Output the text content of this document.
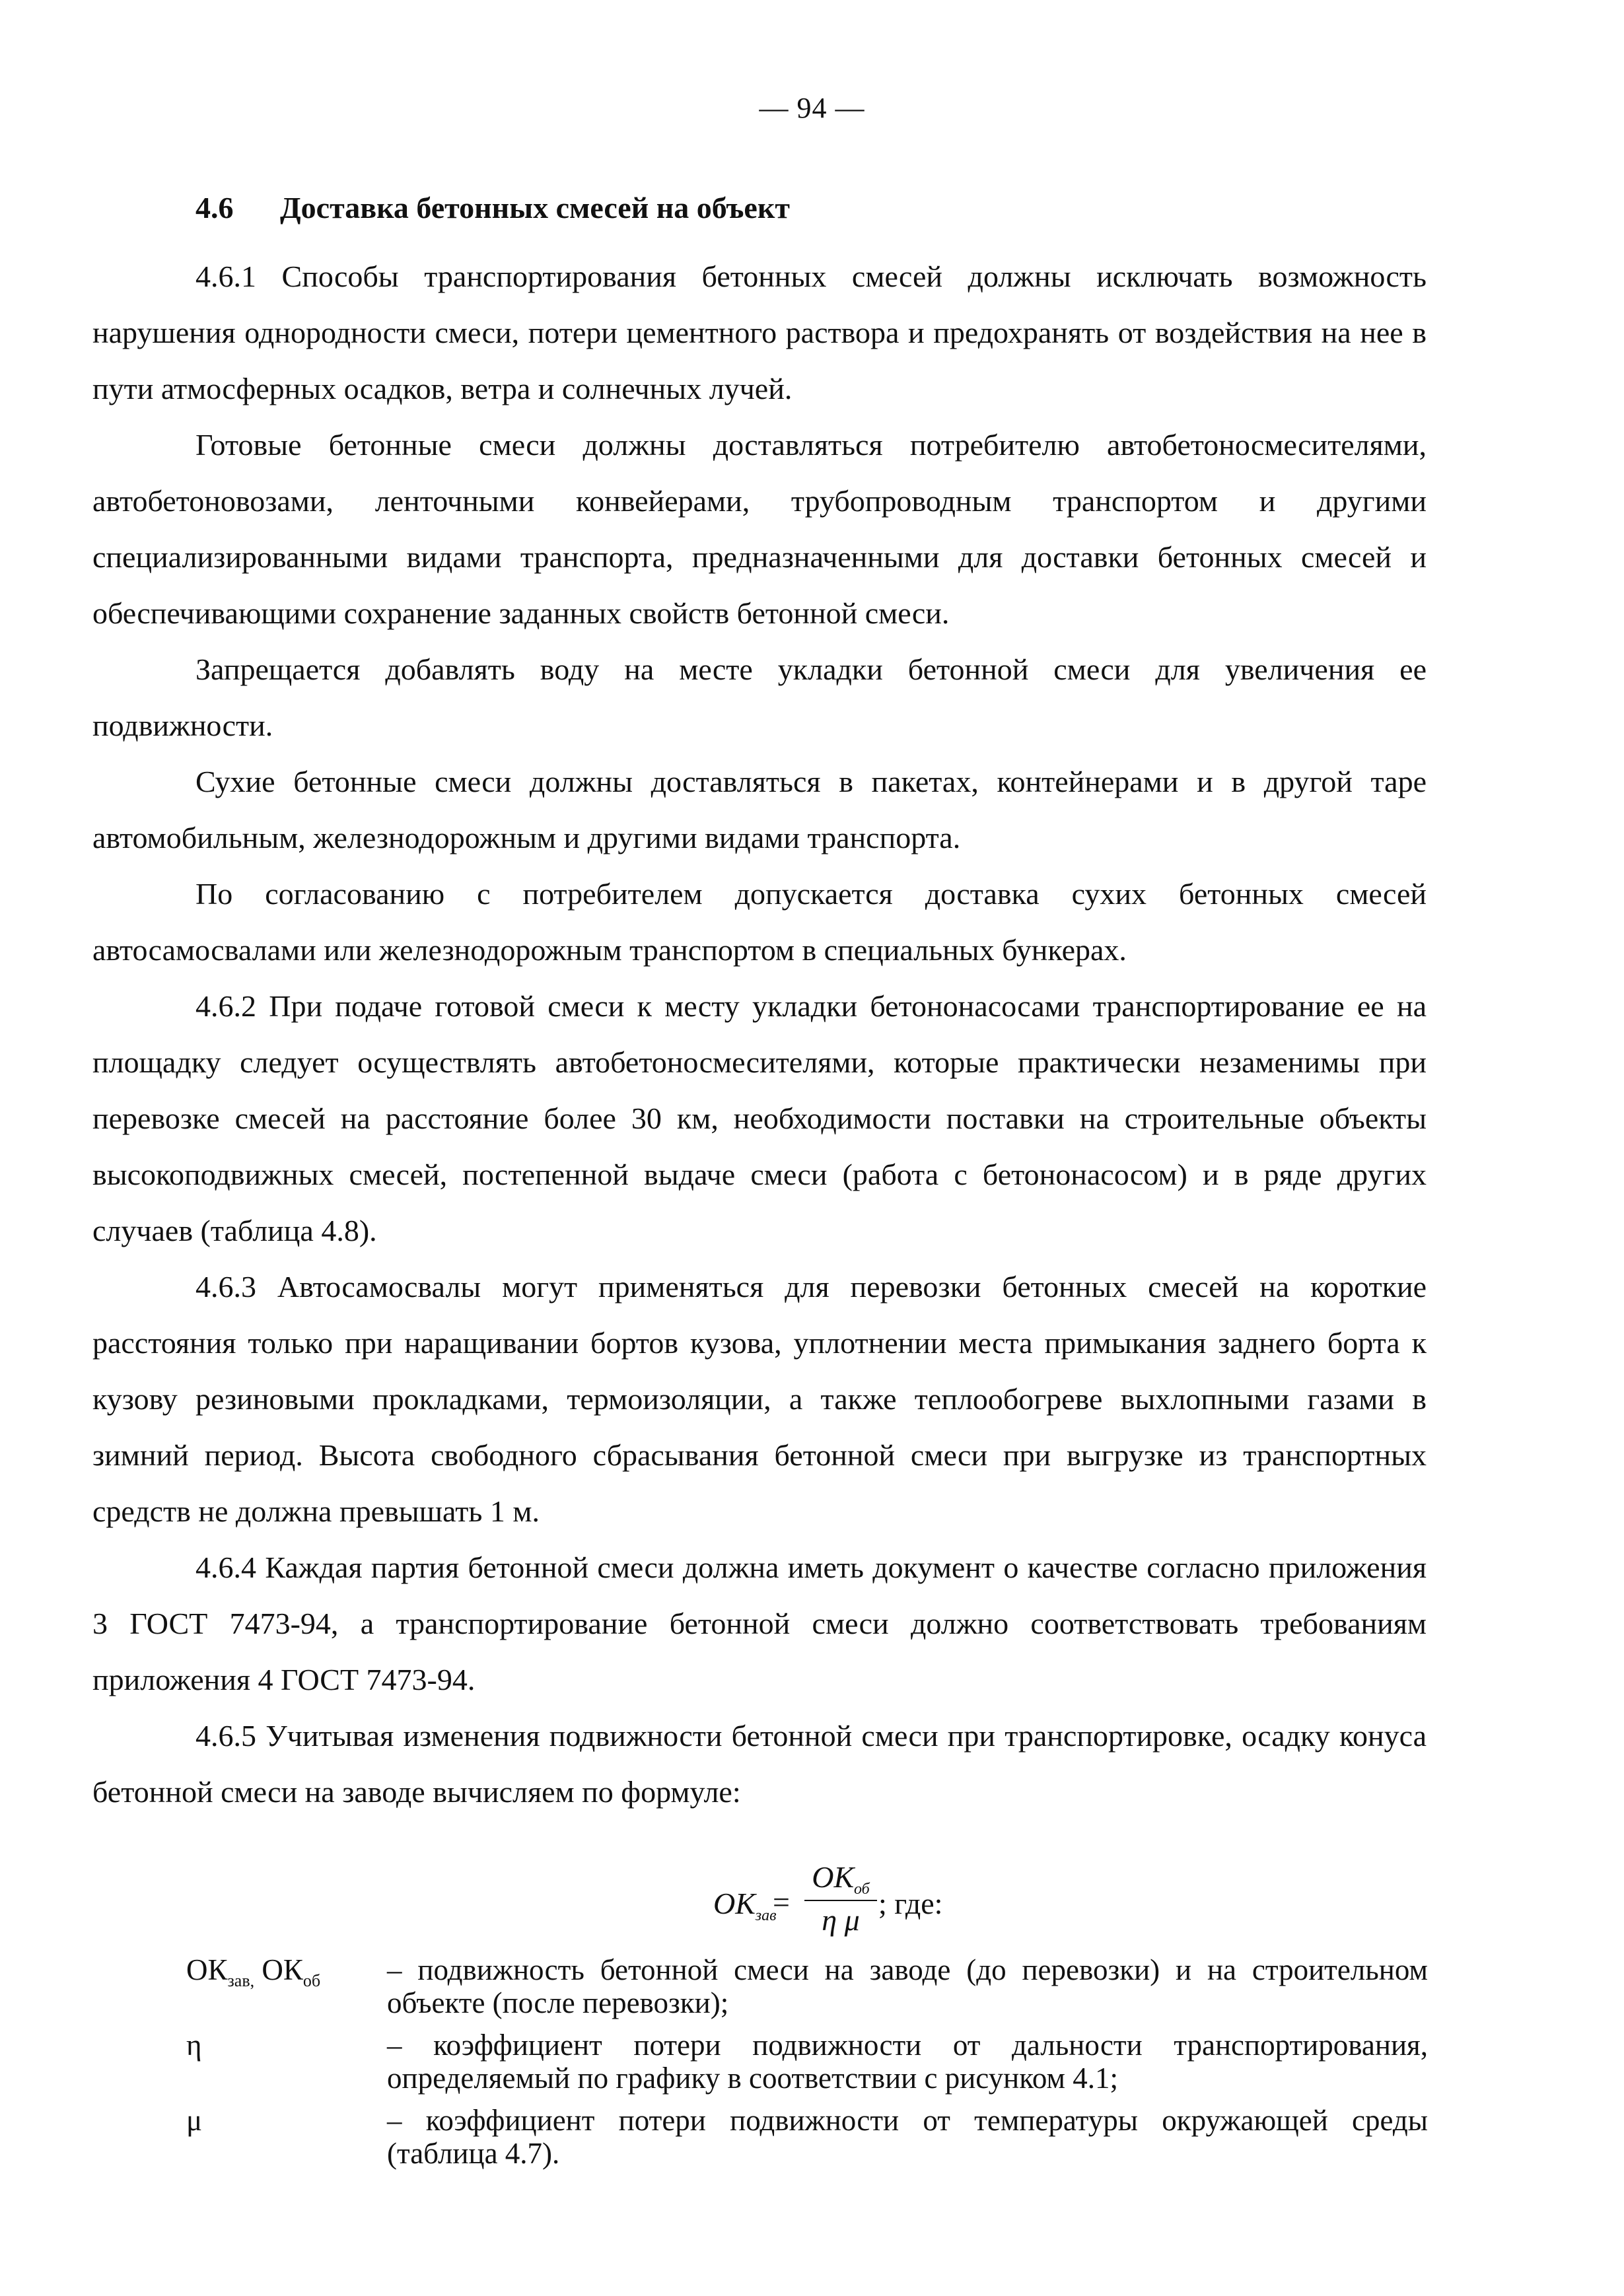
— 94 —
4.6 Доставка бетонных смесей на объект

4.6.1 Способы транспортирования бетонных смесей должны исключать возможность нарушения однородности смеси, потери цементного раствора и предохранять от воздействия на нее в пути атмосферных осадков, ветра и солнечных лучей.

Готовые бетонные смеси должны доставляться потребителю автобетоносмесителями, автобетоновозами, ленточными конвейерами, трубопроводным транспортом и другими специализированными видами транспорта, предназначенными для доставки бетонных смесей и обеспечивающими сохранение заданных свойств бетонной смеси.

Запрещается добавлять воду на месте укладки бетонной смеси для увеличения ее подвижности.

Сухие бетонные смеси должны доставляться в пакетах, контейнерами и в другой таре автомобильным, железнодорожным и другими видами транспорта.

По согласованию с потребителем допускается доставка сухих бетонных смесей автосамосвалами или железнодорожным транспортом в специальных бункерах.

4.6.2 При подаче готовой смеси к месту укладки бетононасосами транспортирование ее на площадку следует осуществлять автобетоносмесителями, которые практически незаменимы при перевозке смесей на расстояние более 30 км, необходимости поставки на строительные объекты высокоподвижных смесей, постепенной выдаче смеси (работа с бетононасосом) и в ряде других случаев (таблица 4.8).

4.6.3 Автосамосвалы могут применяться для перевозки бетонных смесей на короткие расстояния только при наращивании бортов кузова, уплотнении места примыкания заднего борта к кузову резиновыми прокладками, термоизоляции, а также теплообогреве выхлопными газами в зимний период. Высота свободного сбрасывания бетонной смеси при выгрузке из транспортных средств не должна превышать 1 м.

4.6.4 Каждая партия бетонной смеси должна иметь документ о качестве согласно приложения 3 ГОСТ 7473-94, а транспортирование бетонной смеси должно соответствовать требованиям приложения 4 ГОСТ 7473-94.

4.6.5 Учитывая изменения подвижности бетонной смеси при транспортировке, осадку конуса бетонной смеси на заводе вычисляем по формуле:

$ОК_{зав}$
=
$ОК_{об}$
η μ ; где:
$ОК_{зав,}$ $ОК_{об}$ – подвижность бетонной смеси на заводе (до перевозки) и на строительном объекте (после перевозки);
η	– коэффициент потери подвижности от дальности транспортирования, определяемый по графику в соответствии с рисунком 4.1;
μ	– коэффициент потери подвижности от температуры окружающей среды (таблица 4.7).
